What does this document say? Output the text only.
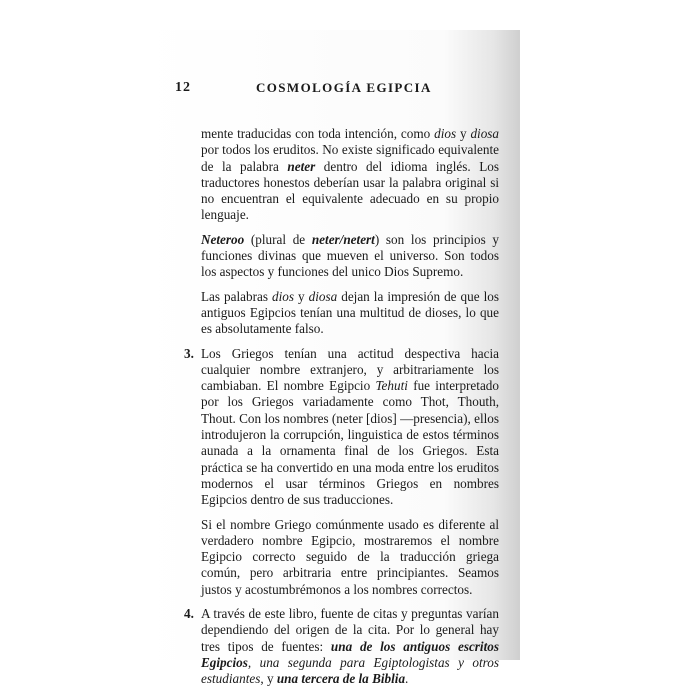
12	COSMOLOGÍA EGIPCIA

mente traducidas con toda intención, como dios y diosa por todos los eruditos. No existe significado equivalente de la palabra neter dentro del idioma inglés. Los traductores honestos deberían usar la palabra original si no encuentran el equivalente adecuado en su propio lenguaje.

Neteroo (plural de neter/netert) son los principios y funciones divinas que mueven el universo. Son todos los aspectos y funciones del unico Dios Supremo.

Las palabras dios y diosa dejan la impresión de que los antiguos Egipcios tenían una multitud de dioses, lo que es absolutamente falso.

3. Los Griegos tenían una actitud despectiva hacia cualquier nombre extranjero, y arbitrariamente los cambiaban. El nombre Egipcio Tehuti fue interpretado por los Griegos variadamente como Thot, Thouth, Thout. Con los nombres (neter [dios] —presencia), ellos introdujeron la corrupción, linguistica de estos términos aunada a la ornamenta final de los Griegos. Esta práctica se ha convertido en una moda entre los eruditos modernos el usar términos Griegos en nombres Egipcios dentro de sus traducciones.

Si el nombre Griego comúnmente usado es diferente al verdadero nombre Egipcio, mostraremos el nombre Egipcio correcto seguido de la traducción griega común, pero arbitraria entre principiantes. Seamos justos y acostumbrémonos a los nombres correctos.

4. A través de este libro, fuente de citas y preguntas varían dependiendo del origen de la cita. Por lo general hay tres tipos de fuentes: una de los antiguos escritos Egipcios, una segunda para Egiptologistas y otros estudiantes, y una tercera de la Biblia.
